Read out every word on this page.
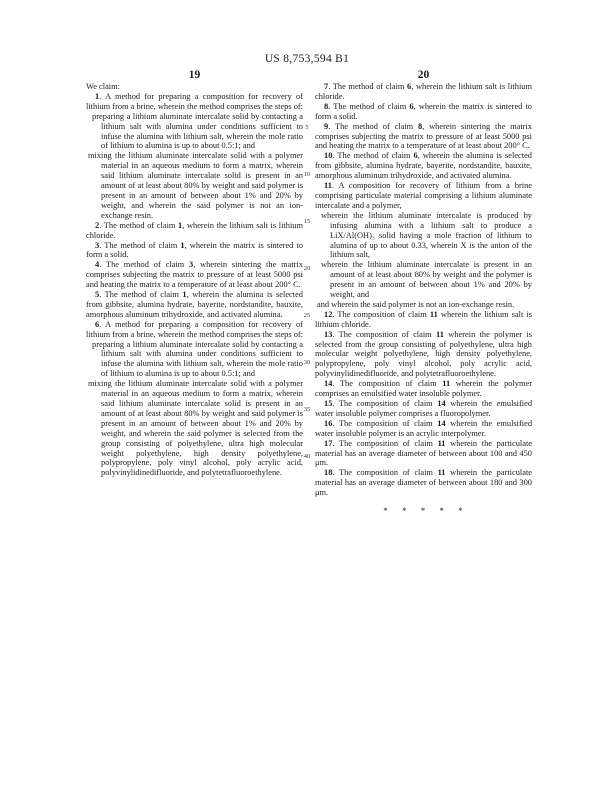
US 8,753,594 B1
19	20
5
10
15
20
25
30
35
40

We claim:

1. A method for preparing a composition for recovery of lithium from a brine, wherein the method comprises the steps of:

preparing a lithium aluminate intercalate solid by contacting a lithium salt with alumina under conditions sufficient to infuse the alumina with lithium salt, wherein the mole ratio of lithium to alumina is up to about 0.5:1; and

mixing the lithium aluminate intercalate solid with a polymer material in an aqueous medium to form a matrix, wherein said lithium aluminate intercalate solid is present in an amount of at least about 80% by weight and said polymer is present in an amount of between about 1% and 20% by weight, and wherein the said polymer is not an ion-exchange resin.

2. The method of claim 1, wherein the lithium salt is lithium chloride.

3. The method of claim 1, wherein the matrix is sintered to form a solid.

4. The method of claim 3, wherein sintering the matrix comprises subjecting the matrix to pressure of at least 5000 psi and heating the matrix to a temperature of at least about 200° C.

5. The method of claim 1, wherein the alumina is selected from gibbsite, alumina hydrate, bayerite, nordstandite, bauxite, amorphous aluminum trihydroxide, and activated alumina.

6. A method for preparing a composition for recovery of lithium from a brine, wherein the method comprises the steps of:

preparing a lithium aluminate intercalate solid by contacting a lithium salt with alumina under conditions sufficient to infuse the alumina with lithium salt, wherein the mole ratio of lithium to alumina is up to about 0.5:1; and

mixing the lithium aluminate intercalate solid with a polymer material in an aqueous medium to form a matrix, wherein said lithium aluminate intercalate solid is present in an amount of at least about 80% by weight and said polymer is present in an amount of between about 1% and 20% by weight, and wherein the said polymer is selected from the group consisting of polyethylene, ultra high molecular weight polyethylene, high density polyethylene, polypropylene, poly vinyl alcohol, poly acrylic acid, polyvinylidinedifluoride, and polytetrafluoroethylene.

7. The method of claim 6, wherein the lithium salt is lithium chloride.

8. The method of claim 6, wherein the matrix is sintered to form a solid.

9. The method of claim 8, wherein sintering the matrix comprises subjecting the matrix to pressure of at least 5000 psi and heating the matrix to a temperature of at least about 200° C.

10. The method of claim 6, wherein the alumina is selected from gibbsite, alumina hydrate, bayerite, nordstandite, bauxite, amorphous aluminum trihydroxide, and activated alumina.

11. A composition for recovery of lithium from a brine comprising particulate material comprising a lithium aluminate intercalate and a polymer,

wherein the lithium aluminate intercalate is produced by infusing alumina with a lithium salt to produce a LiX/Al(OH)₃ solid having a mole fraction of lithium to alumina of up to about 0.33, wherein X is the anion of the lithium salt,

wherein the lithium aluminate intercalate is present in an amount of at least about 80% by weight and the polymer is present in an amount of between about 1% and 20% by weight, and

and wherein the said polymer is not an ion-exchange resin.

12. The composition of claim 11 wherein the lithium salt is lithium chloride.

13. The composition of claim 11 wherein the polymer is selected from the group consisting of polyethylene, ultra high molecular weight polyethylene, high density polyethylene, polypropylene, poly vinyl alcohol, poly acrylic acid, polyvinylidinedifluoride, and polytetrafluoroethylene.

14. The composition of claim 11 wherein the polymer comprises an emulsified water insoluble polymer.

15. The composition of claim 14 wherein the emulsified water insoluble polymer comprises a fluoropolymer.

16. The composition of claim 14 wherein the emulsified water insoluble polymer is an acrylic interpolymer.

17. The composition of claim 11 wherein the particulate material has an average diameter of between about 100 and 450 μm.

18. The composition of claim 11 wherein the particulate material has an average diameter of between about 180 and 300 μm.

* * * * *
